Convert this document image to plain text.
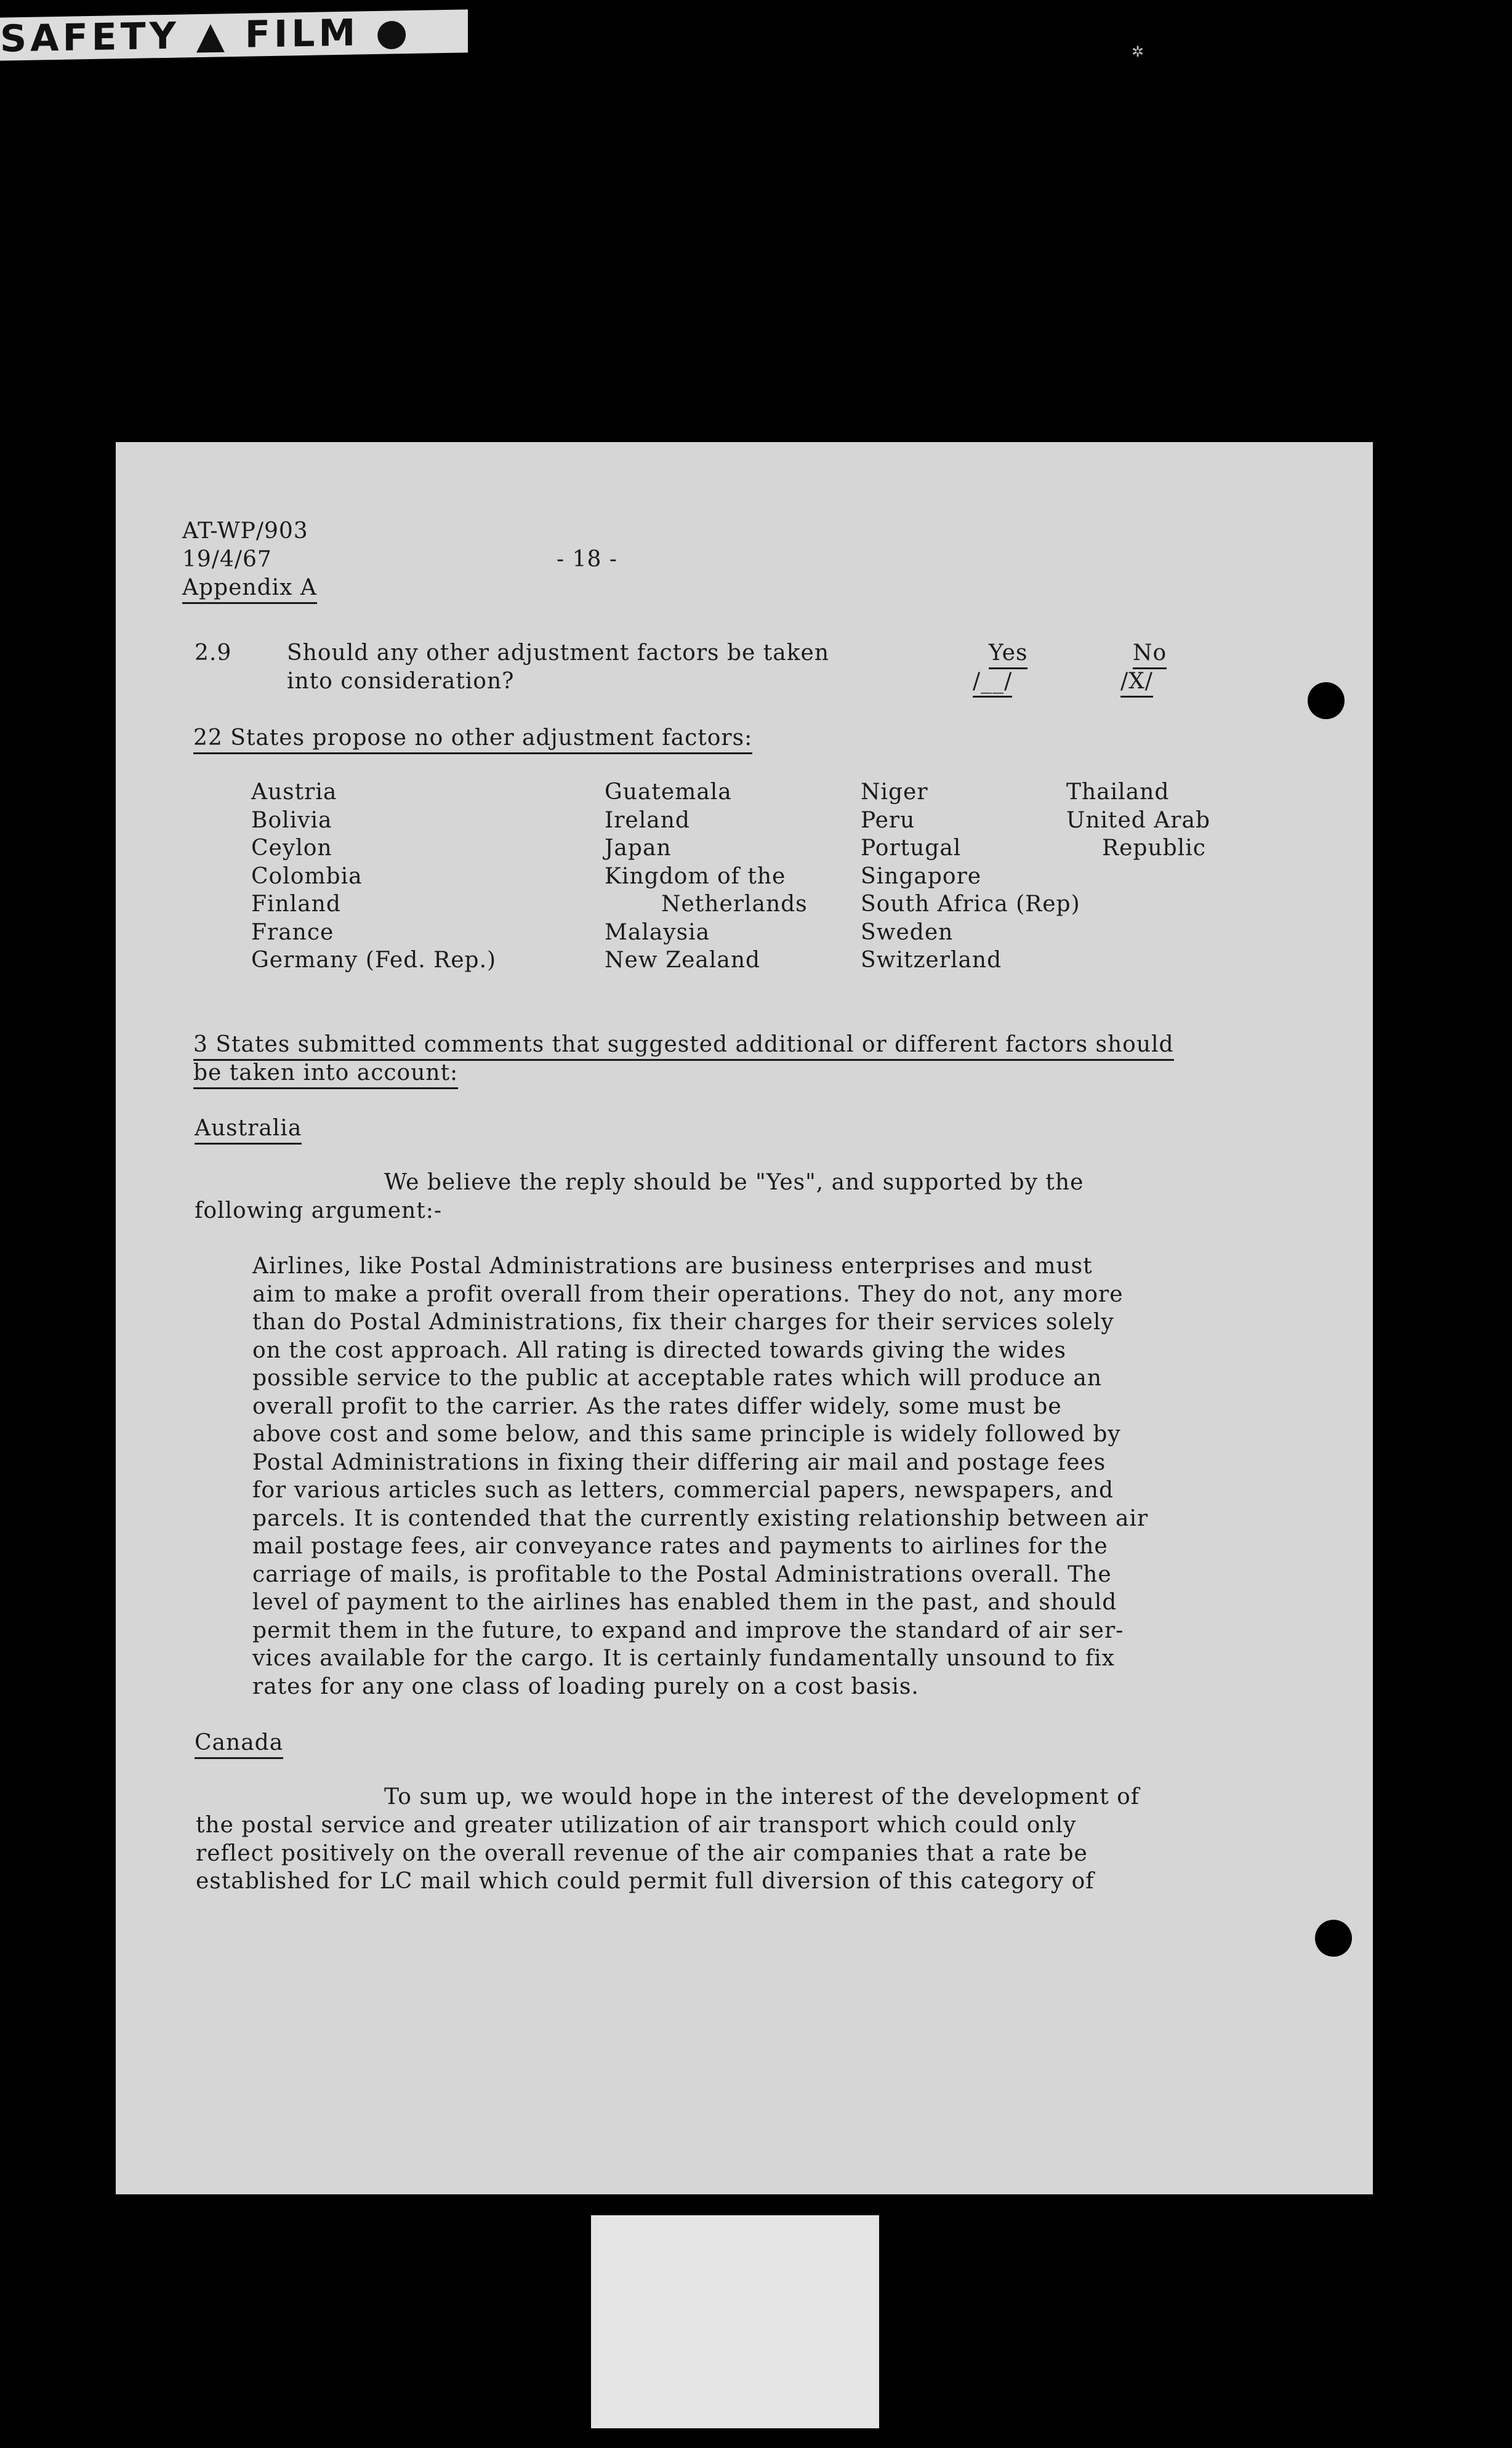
SAFETY ▲ FILM ●	✲
AT-WP/903
19/4/67	- 18 -
Appendix A
2.9 Should any other adjustment factors be taken
into consideration?
Yes
/__/
No
/X/
22 States propose no other adjustment factors:
Austria
Bolivia
Ceylon
Colombia
Finland
France
Germany (Fed. Rep.)
Guatemala
Ireland
Japan
Kingdom of the
Netherlands
Malaysia
New Zealand
Niger
Peru
Portugal
Singapore
South Africa (Rep)
Sweden
Switzerland
Thailand
United Arab
Republic
3 States submitted comments that suggested additional or different factors should
be taken into account:
Australia
We believe the reply should be "Yes", and supported by the
following argument:-
Airlines, like Postal Administrations are business enterprises and must
aim to make a profit overall from their operations. They do not, any more
than do Postal Administrations, fix their charges for their services solely
on the cost approach. All rating is directed towards giving the wides
possible service to the public at acceptable rates which will produce an
overall profit to the carrier. As the rates differ widely, some must be
above cost and some below, and this same principle is widely followed by
Postal Administrations in fixing their differing air mail and postage fees
for various articles such as letters, commercial papers, newspapers, and
parcels. It is contended that the currently existing relationship between air
mail postage fees, air conveyance rates and payments to airlines for the
carriage of mails, is profitable to the Postal Administrations overall. The
level of payment to the airlines has enabled them in the past, and should
permit them in the future, to expand and improve the standard of air ser-
vices available for the cargo. It is certainly fundamentally unsound to fix
rates for any one class of loading purely on a cost basis.
Canada
To sum up, we would hope in the interest of the development of
the postal service and greater utilization of air transport which could only
reflect positively on the overall revenue of the air companies that a rate be
established for LC mail which could permit full diversion of this category of
